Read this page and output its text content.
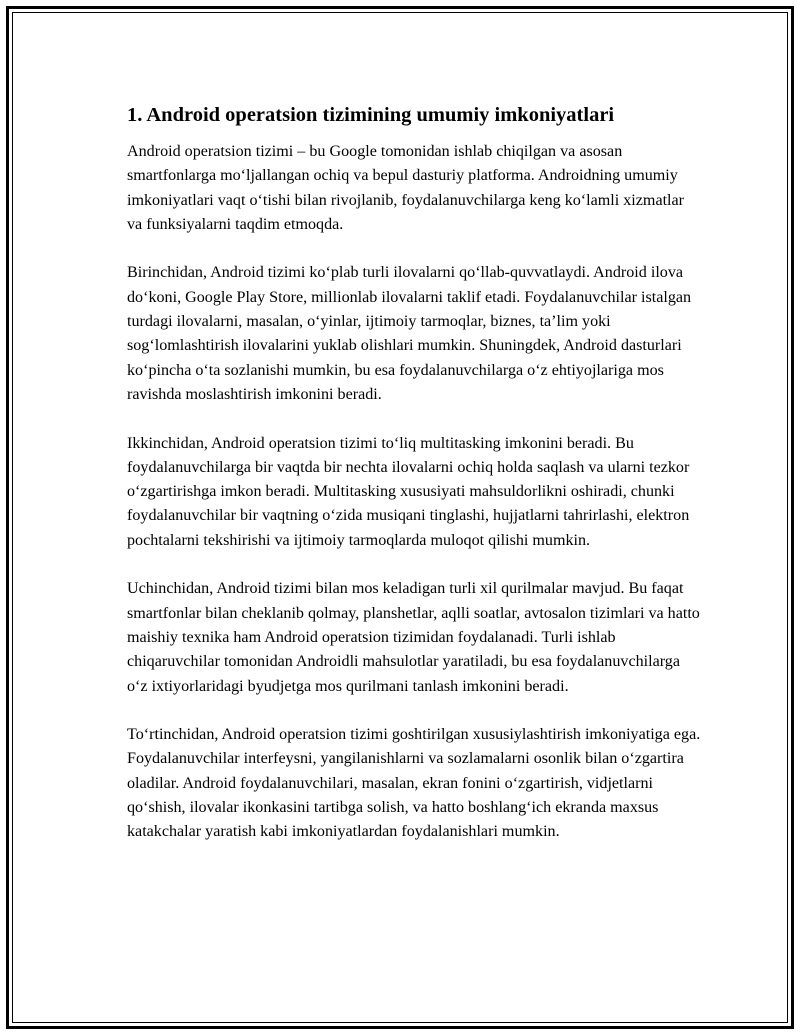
1. Android operatsion tizimining umumiy imkoniyatlari

Android operatsion tizimi – bu Google tomonidan ishlab chiqilgan va asosan smartfonlarga mo‘ljallangan ochiq va bepul dasturiy platforma. Androidning umumiy imkoniyatlari vaqt o‘tishi bilan rivojlanib, foydalanuvchilarga keng ko‘lamli xizmatlar va funksiyalarni taqdim etmoqda.

Birinchidan, Android tizimi ko‘plab turli ilovalarni qo‘llab-quvvatlaydi. Android ilova do‘koni, Google Play Store, millionlab ilovalarni taklif etadi. Foydalanuvchilar istalgan turdagi ilovalarni, masalan, o‘yinlar, ijtimoiy tarmoqlar, biznes, ta’lim yoki sog‘lomlashtirish ilovalarini yuklab olishlari mumkin. Shuningdek, Android dasturlari ko‘pincha o‘ta sozlanishi mumkin, bu esa foydalanuvchilarga o‘z ehtiyojlariga mos ravishda moslashtirish imkonini beradi.

Ikkinchidan, Android operatsion tizimi to‘liq multitasking imkonini beradi. Bu foydalanuvchilarga bir vaqtda bir nechta ilovalarni ochiq holda saqlash va ularni tezkor o‘zgartirishga imkon beradi. Multitasking xususiyati mahsuldorlikni oshiradi, chunki foydalanuvchilar bir vaqtning o‘zida musiqani tinglashi, hujjatlarni tahrirlashi, elektron pochtalarni tekshirishi va ijtimoiy tarmoqlarda muloqot qilishi mumkin.

Uchinchidan, Android tizimi bilan mos keladigan turli xil qurilmalar mavjud. Bu faqat smartfonlar bilan cheklanib qolmay, planshetlar, aqlli soatlar, avtosalon tizimlari va hatto maishiy texnika ham Android operatsion tizimidan foydalanadi. Turli ishlab chiqaruvchilar tomonidan Androidli mahsulotlar yaratiladi, bu esa foydalanuvchilarga o‘z ixtiyorlaridagi byudjetga mos qurilmani tanlash imkonini beradi.

To‘rtinchidan, Android operatsion tizimi goshtirilgan xususiylashtirish imkoniyatiga ega. Foydalanuvchilar interfeysni, yangilanishlarni va sozlamalarni osonlik bilan o‘zgartira oladilar. Android foydalanuvchilari, masalan, ekran fonini o‘zgartirish, vidjetlarni qo‘shish, ilovalar ikonkasini tartibga solish, va hatto boshlang‘ich ekranda maxsus katakchalar yaratish kabi imkoniyatlardan foydalanishlari mumkin.
